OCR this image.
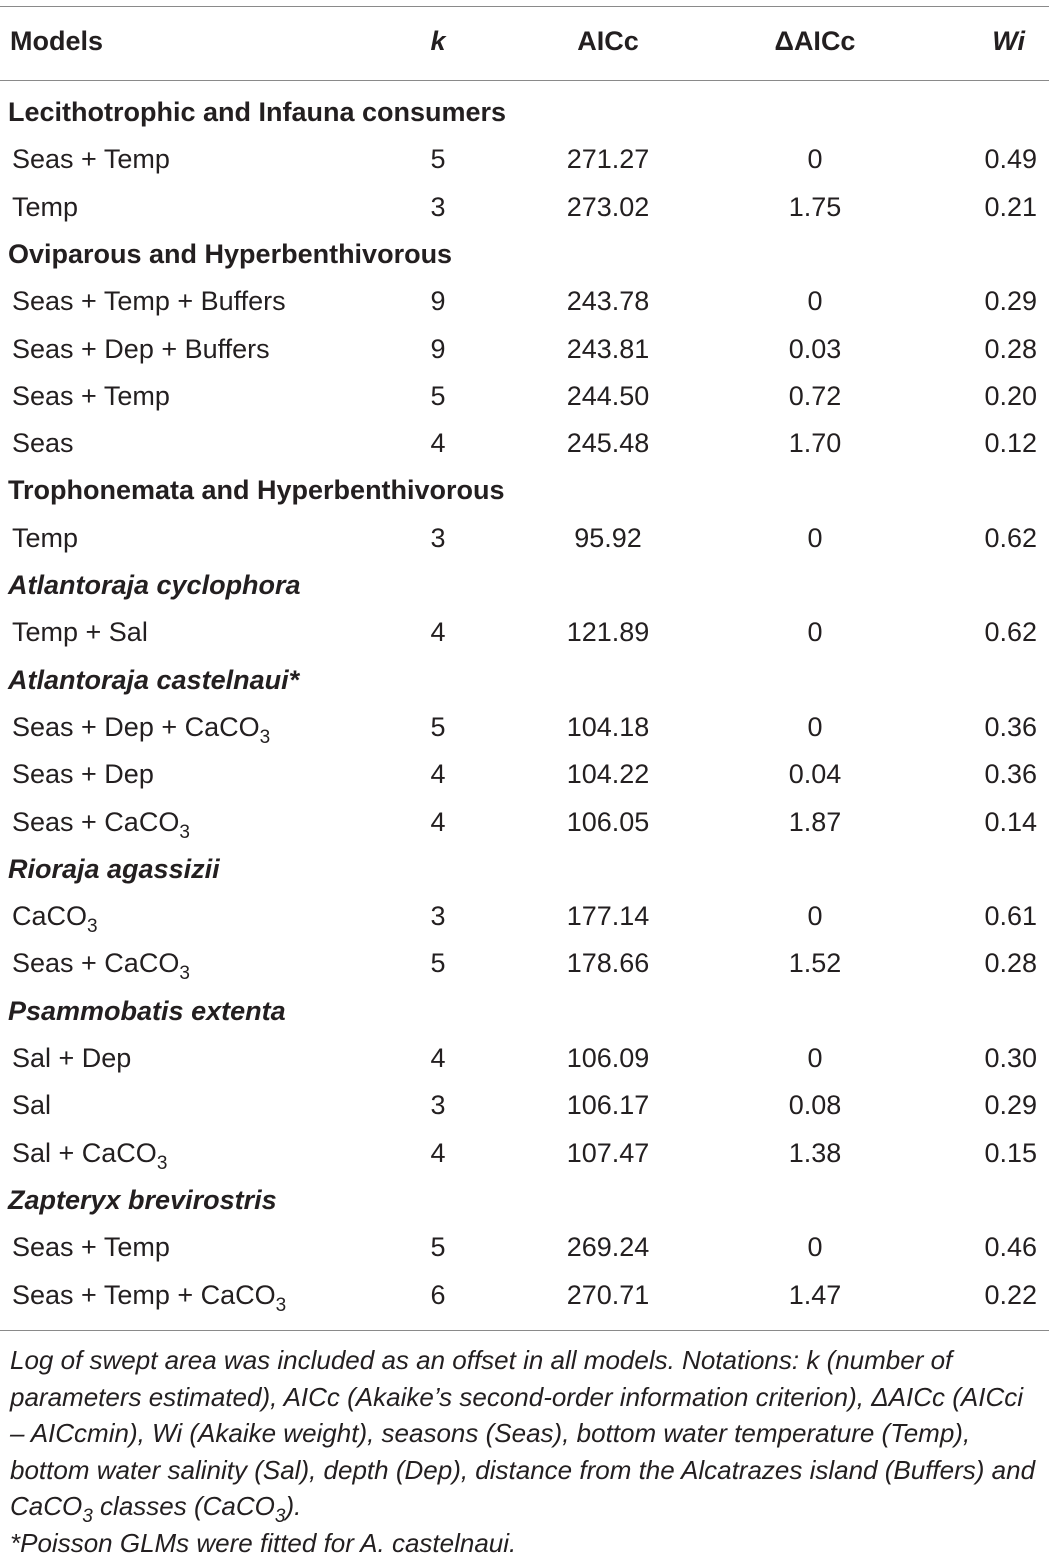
Models	k	AICc	ΔAICc	Wi
Lecithotrophic and Infauna consumers
Seas + Temp	5	271.27	0	0.49
Temp	3	273.02	1.75	0.21
Oviparous and Hyperbenthivorous
Seas + Temp + Buffers	9	243.78	0	0.29
Seas + Dep + Buffers	9	243.81	0.03	0.28
Seas + Temp	5	244.50	0.72	0.20
Seas	4	245.48	1.70	0.12
Trophonemata and Hyperbenthivorous
Temp	3	95.92	0	0.62
Atlantoraja cyclophora
Temp + Sal	4	121.89	0	0.62
Atlantoraja castelnaui*
Seas + Dep + CaCO$_3$	5	104.18	0	0.36
Seas + Dep	4	104.22	0.04	0.36
Seas + CaCO$_3$	4	106.05	1.87	0.14
Rioraja agassizii
CaCO$_3$	3	177.14	0	0.61
Seas + CaCO$_3$	5	178.66	1.52	0.28
Psammobatis extenta
Sal + Dep	4	106.09	0	0.30
Sal	3	106.17	0.08	0.29
Sal + CaCO$_3$	4	107.47	1.38	0.15
Zapteryx brevirostris
Seas + Temp	5	269.24	0	0.46
Seas + Temp + CaCO$_3$	6	270.71	1.47	0.22

Log of swept area was included as an offset in all models. Notations: k (number of parameters estimated), AICc (Akaike’s second-order information criterion), ΔAICc (AICci – AICcmin), Wi (Akaike weight), seasons (Seas), bottom water temperature (Temp), bottom water salinity (Sal), depth (Dep), distance from the Alcatrazes island (Buffers) and CaCO$_3$ classes (CaCO$_3$).

*Poisson GLMs were fitted for A. castelnaui.
